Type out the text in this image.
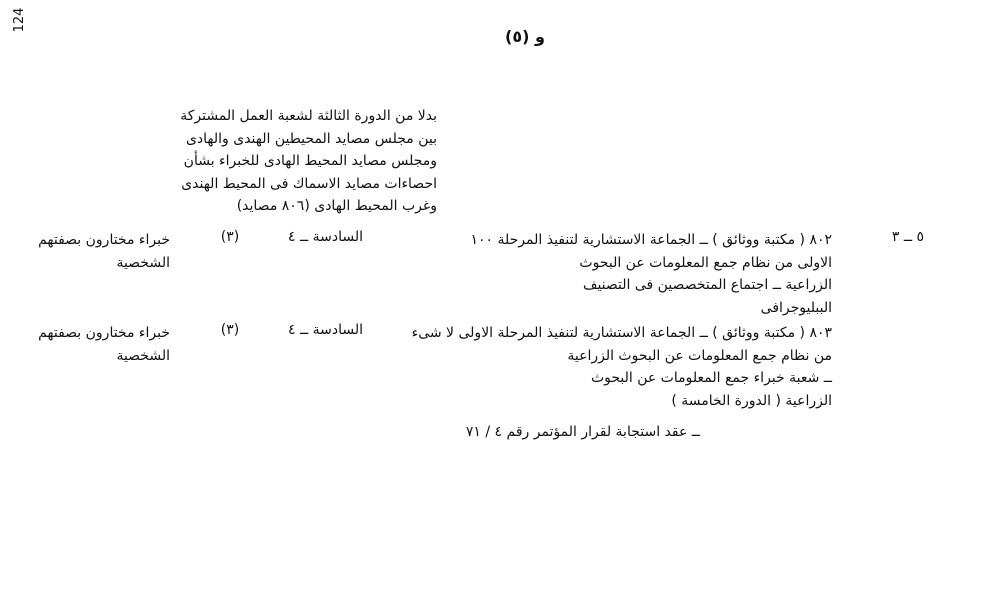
و (٥)
124
بدلا من الدورة الثالثة لشعبة العمل المشتركة
بين مجلس مصايد المحيطين الهندى والهادى
ومجلس مصايد المحيط الهادى للخبراء بشأن
احصاءات مصايد الاسماك فى المحيط الهندى
وغرب المحيط الهادى (٨٠٦ مصايد)
٥ ــ ٣
٨٠٢ ( مكتبة ووثائق ) ــ الجماعة الاستشارية لتنفيذ المرحلة ١٠٠
الاولى من نظام جمع المعلومات عن البحوث
الزراعية ــ اجتماع المتخصصين فى التصنيف
الببليوجرافى
السادسة ــ ٤
(٣)
خبراء مختارون بصفتهم
الشخصية
٨٠٣ ( مكتبة ووثائق ) ــ الجماعة الاستشارية لتنفيذ المرحلة الاولى لا شىء
من نظام جمع المعلومات عن البحوث الزراعية
ــ شعبة خبراء جمع المعلومات عن البحوث
الزراعية ( الدورة الخامسة )
السادسة ــ ٤
(٣)
خبراء مختارون بصفتهم
الشخصية
ــ عقد استجابة لقرار المؤتمر رقم ٤ / ٧١
